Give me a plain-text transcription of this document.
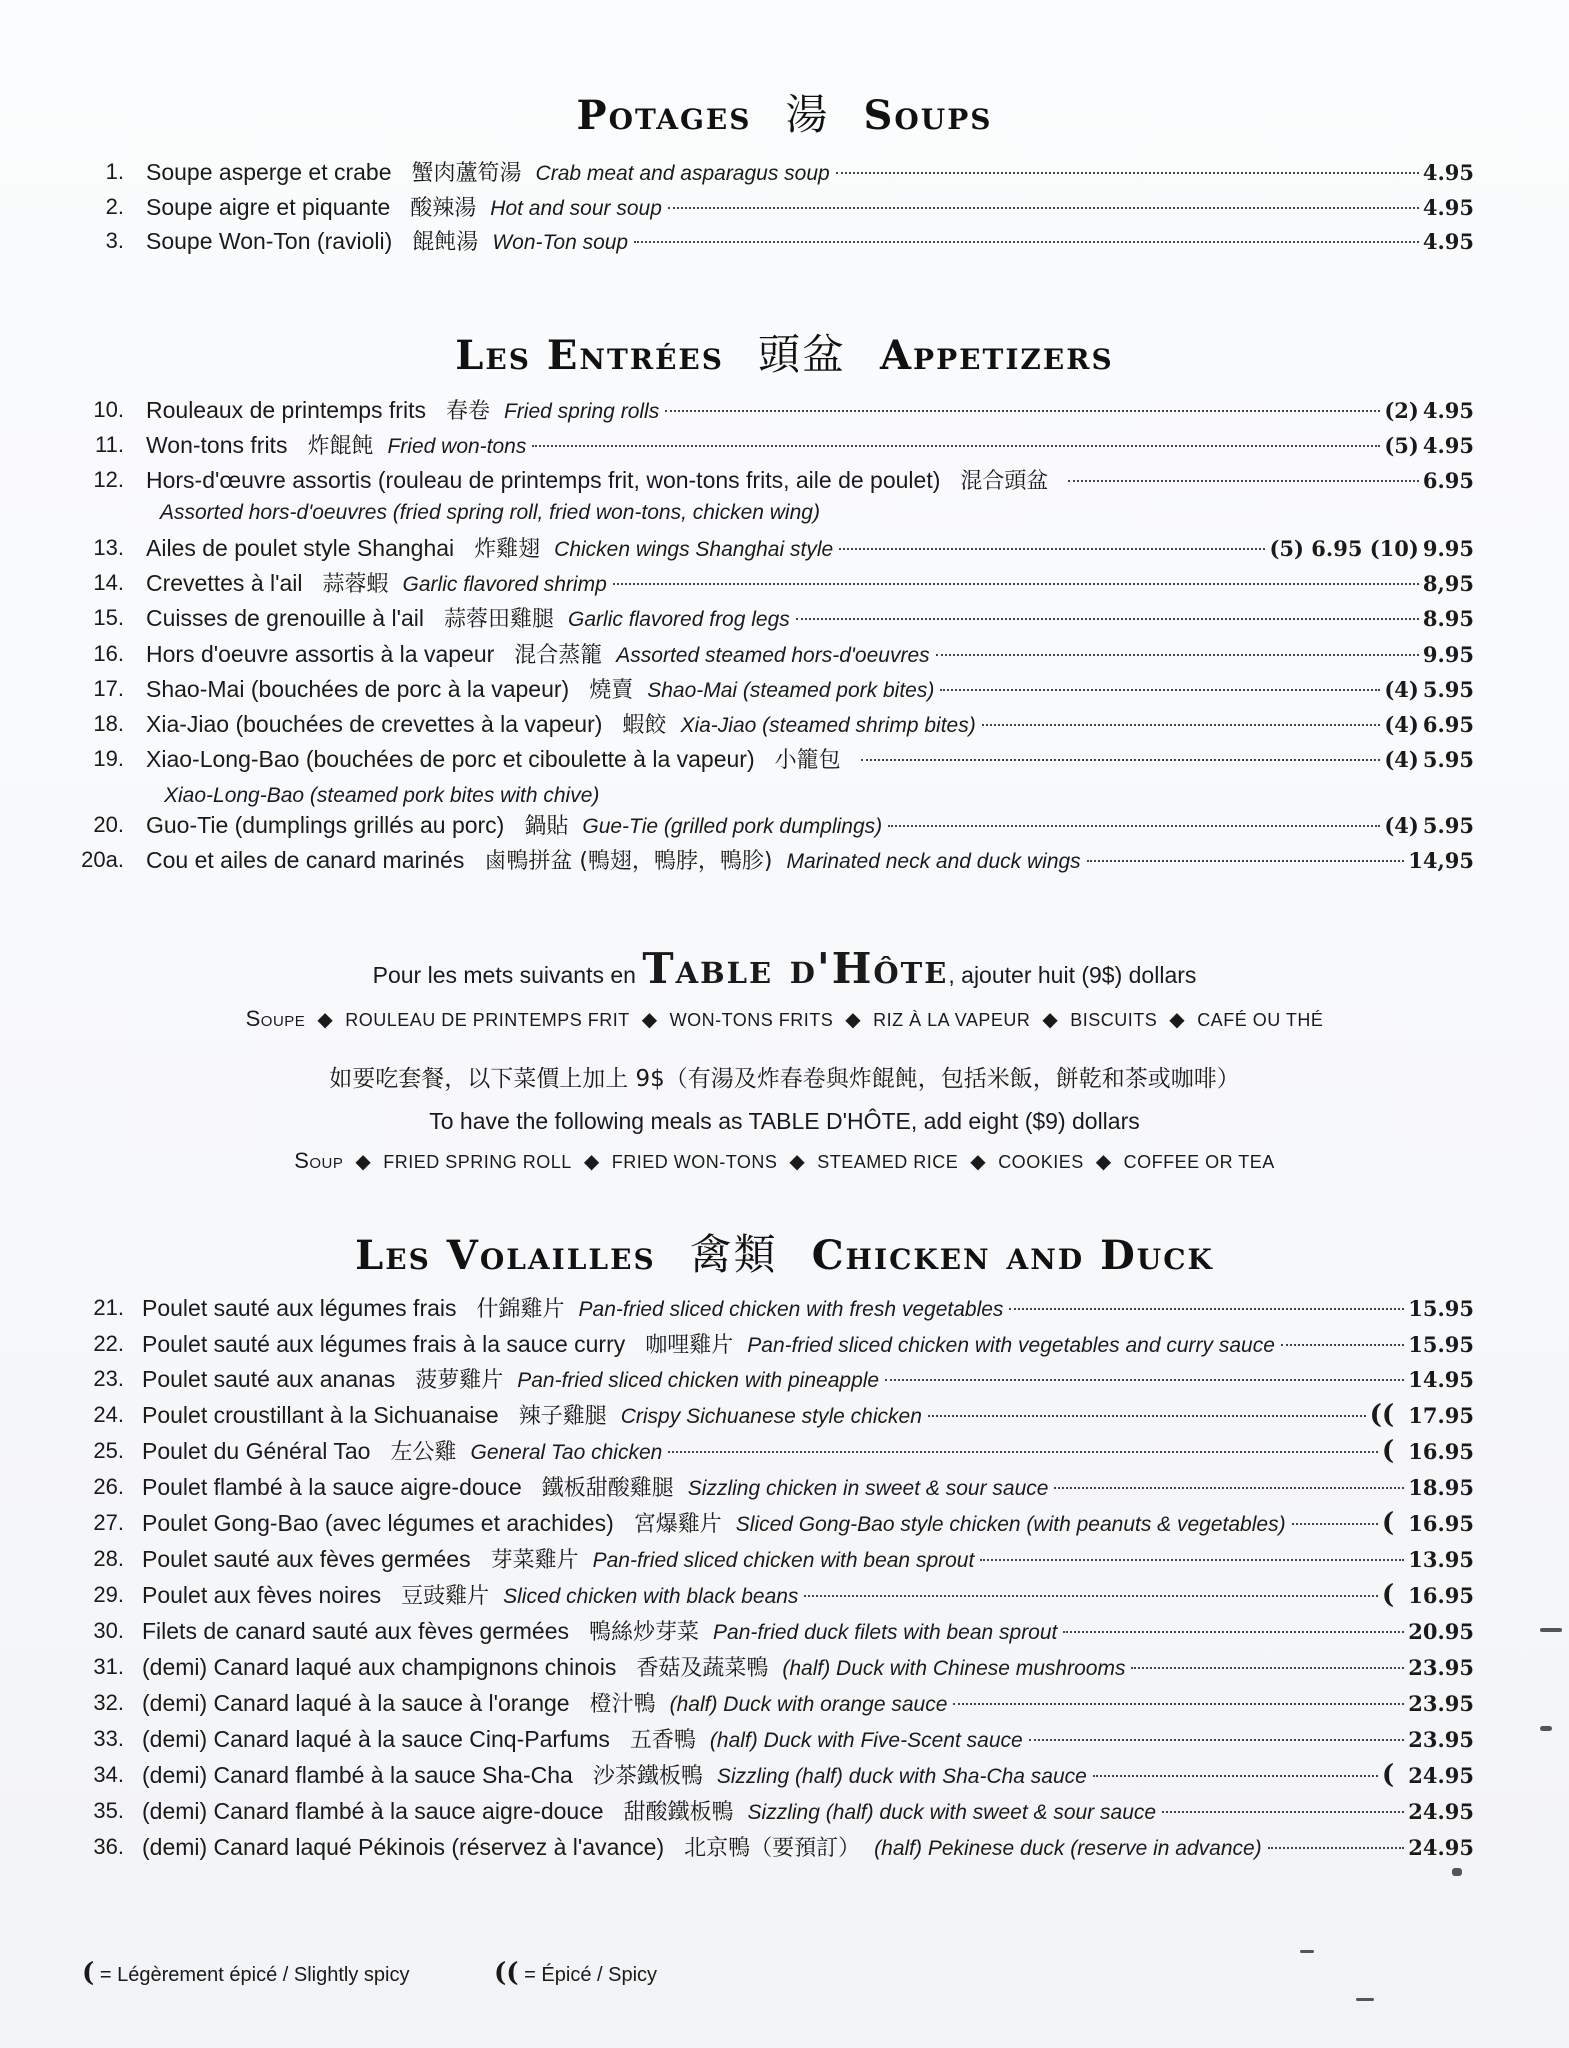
Potages 湯 Soups
1. Soupe asperge et crabe 蟹肉蘆筍湯 Crab meat and asparagus soup	4.95
2. Soupe aigre et piquante 酸辣湯 Hot and sour soup	4.95
3. Soupe Won-Ton (ravioli) 餛飩湯 Won-Ton soup	4.95
Les Entrées 頭盆 Appetizers
10. Rouleaux de printemps frits 春卷 Fried spring rolls	(2) 4.95
11. Won-tons frits 炸餛飩 Fried won-tons	(5) 4.95
12. Hors-d'œuvre assortis (rouleau de printemps frit, won-tons frits, aile de poulet) 混合頭盆	6.95
Assorted hors-d'oeuvres (fried spring roll, fried won-tons, chicken wing)
13. Ailes de poulet style Shanghai 炸雞翅 Chicken wings Shanghai style	(5) 6.95 (10) 9.95
14. Crevettes à l'ail 蒜蓉蝦 Garlic flavored shrimp	8,95
15. Cuisses de grenouille à l'ail 蒜蓉田雞腿 Garlic flavored frog legs	8.95
16. Hors d'oeuvre assortis à la vapeur 混合蒸籠 Assorted steamed hors-d'oeuvres	9.95
17. Shao-Mai (bouchées de porc à la vapeur) 燒賣 Shao-Mai (steamed pork bites)	(4) 5.95
18. Xia-Jiao (bouchées de crevettes à la vapeur) 蝦餃 Xia-Jiao (steamed shrimp bites)	(4) 6.95
19. Xiao-Long-Bao (bouchées de porc et ciboulette à la vapeur) 小籠包	(4) 5.95
Xiao-Long-Bao (steamed pork bites with chive)
20. Guo-Tie (dumplings grillés au porc) 鍋貼 Gue-Tie (grilled pork dumplings)	(4) 5.95
20a. Cou et ailes de canard marinés 鹵鴨拼盆 (鴨翅，鴨脖，鴨胗) Marinated neck and duck wings	14,95
Pour les mets suivants en Table d'Hôte, ajouter huit (9$) dollars
Soupe ◆ ROULEAU DE PRINTEMPS FRIT ◆ WON-TONS FRITS ◆ RIZ À LA VAPEUR ◆ BISCUITS ◆ CAFÉ OU THÉ
如要吃套餐，以下菜價上加上 9$（有湯及炸春卷與炸餛飩，包括米飯，餅乾和茶或咖啡）
To have the following meals as TABLE D'HÔTE, add eight ($9) dollars
Soup ◆ FRIED SPRING ROLL ◆ FRIED WON-TONS ◆ STEAMED RICE ◆ COOKIES ◆ COFFEE OR TEA
Les Volailles 禽類 Chicken and Duck
21. Poulet sauté aux légumes frais 什錦雞片 Pan-fried sliced chicken with fresh vegetables	15.95
22. Poulet sauté aux légumes frais à la sauce curry 咖哩雞片 Pan-fried sliced chicken with vegetables and curry sauce	15.95
23. Poulet sauté aux ananas 菠萝雞片 Pan-fried sliced chicken with pineapple	14.95
24. Poulet croustillant à la Sichuanaise 辣子雞腿 Crispy Sichuanese style chicken	(( 17.95
25. Poulet du Général Tao 左公雞 General Tao chicken	( 16.95
26. Poulet flambé à la sauce aigre-douce 鐵板甜酸雞腿 Sizzling chicken in sweet & sour sauce	18.95
27. Poulet Gong-Bao (avec légumes et arachides) 宮爆雞片 Sliced Gong-Bao style chicken (with peanuts & vegetables)	( 16.95
28. Poulet sauté aux fèves germées 芽菜雞片 Pan-fried sliced chicken with bean sprout	13.95
29. Poulet aux fèves noires 豆豉雞片 Sliced chicken with black beans	( 16.95
30. Filets de canard sauté aux fèves germées 鴨絲炒芽菜 Pan-fried duck filets with bean sprout	20.95
31. (demi) Canard laqué aux champignons chinois 香菇及蔬菜鴨 (half) Duck with Chinese mushrooms	23.95
32. (demi) Canard laqué à la sauce à l'orange 橙汁鴨 (half) Duck with orange sauce	23.95
33. (demi) Canard laqué à la sauce Cinq-Parfums 五香鴨 (half) Duck with Five-Scent sauce	23.95
34. (demi) Canard flambé à la sauce Sha-Cha 沙茶鐵板鴨 Sizzling (half) duck with Sha-Cha sauce	( 24.95
35. (demi) Canard flambé à la sauce aigre-douce 甜酸鐵板鴨 Sizzling (half) duck with sweet & sour sauce	24.95
36. (demi) Canard laqué Pékinois (réservez à l'avance) 北京鴨（要預訂） (half) Pekinese duck (reserve in advance)	24.95
( = Légèrement épicé / Slightly spicy	(( = Épicé / Spicy
